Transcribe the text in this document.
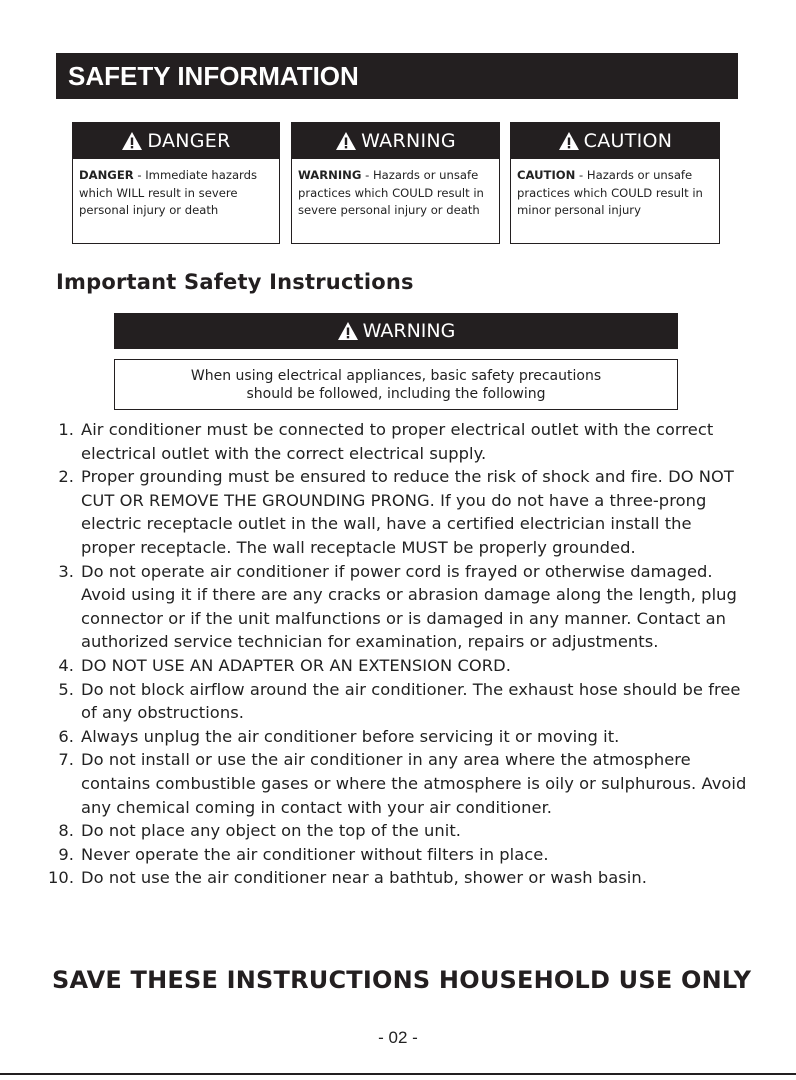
SAFETY INFORMATION
DANGER
DANGER - Immediate hazards which WILL result in severe personal injury or death
WARNING
WARNING - Hazards or unsafe practices which COULD result in severe personal injury or death
CAUTION
CAUTION - Hazards or unsafe practices which COULD result in minor personal injury
Important Safety Instructions
WARNING
When using electrical appliances, basic safety precautions
should be followed, including the following
1. Air conditioner must be connected to proper electrical outlet with the correct electrical outlet with the correct electrical supply.
2. Proper grounding must be ensured to reduce the risk of shock and fire. DO NOT CUT OR REMOVE THE GROUNDING PRONG. If you do not have a three-prong electric receptacle outlet in the wall, have a certified electrician install the proper receptacle. The wall receptacle MUST be properly grounded.
3. Do not operate air conditioner if power cord is frayed or otherwise damaged. Avoid using it if there are any cracks or abrasion damage along the length, plug connector or if the unit malfunctions or is damaged in any manner. Contact an authorized service technician for examination, repairs or adjustments.
4. DO NOT USE AN ADAPTER OR AN EXTENSION CORD.
5. Do not block airflow around the air conditioner. The exhaust hose should be free of any obstructions.
6. Always unplug the air conditioner before servicing it or moving it.
7. Do not install or use the air conditioner in any area where the atmosphere contains combustible gases or where the atmosphere is oily or sulphurous. Avoid any chemical coming in contact with your air conditioner.
8. Do not place any object on the top of the unit.
9. Never operate the air conditioner without filters in place.
10. Do not use the air conditioner near a bathtub, shower or wash basin.
SAVE THESE INSTRUCTIONS HOUSEHOLD USE ONLY
- 02 -
